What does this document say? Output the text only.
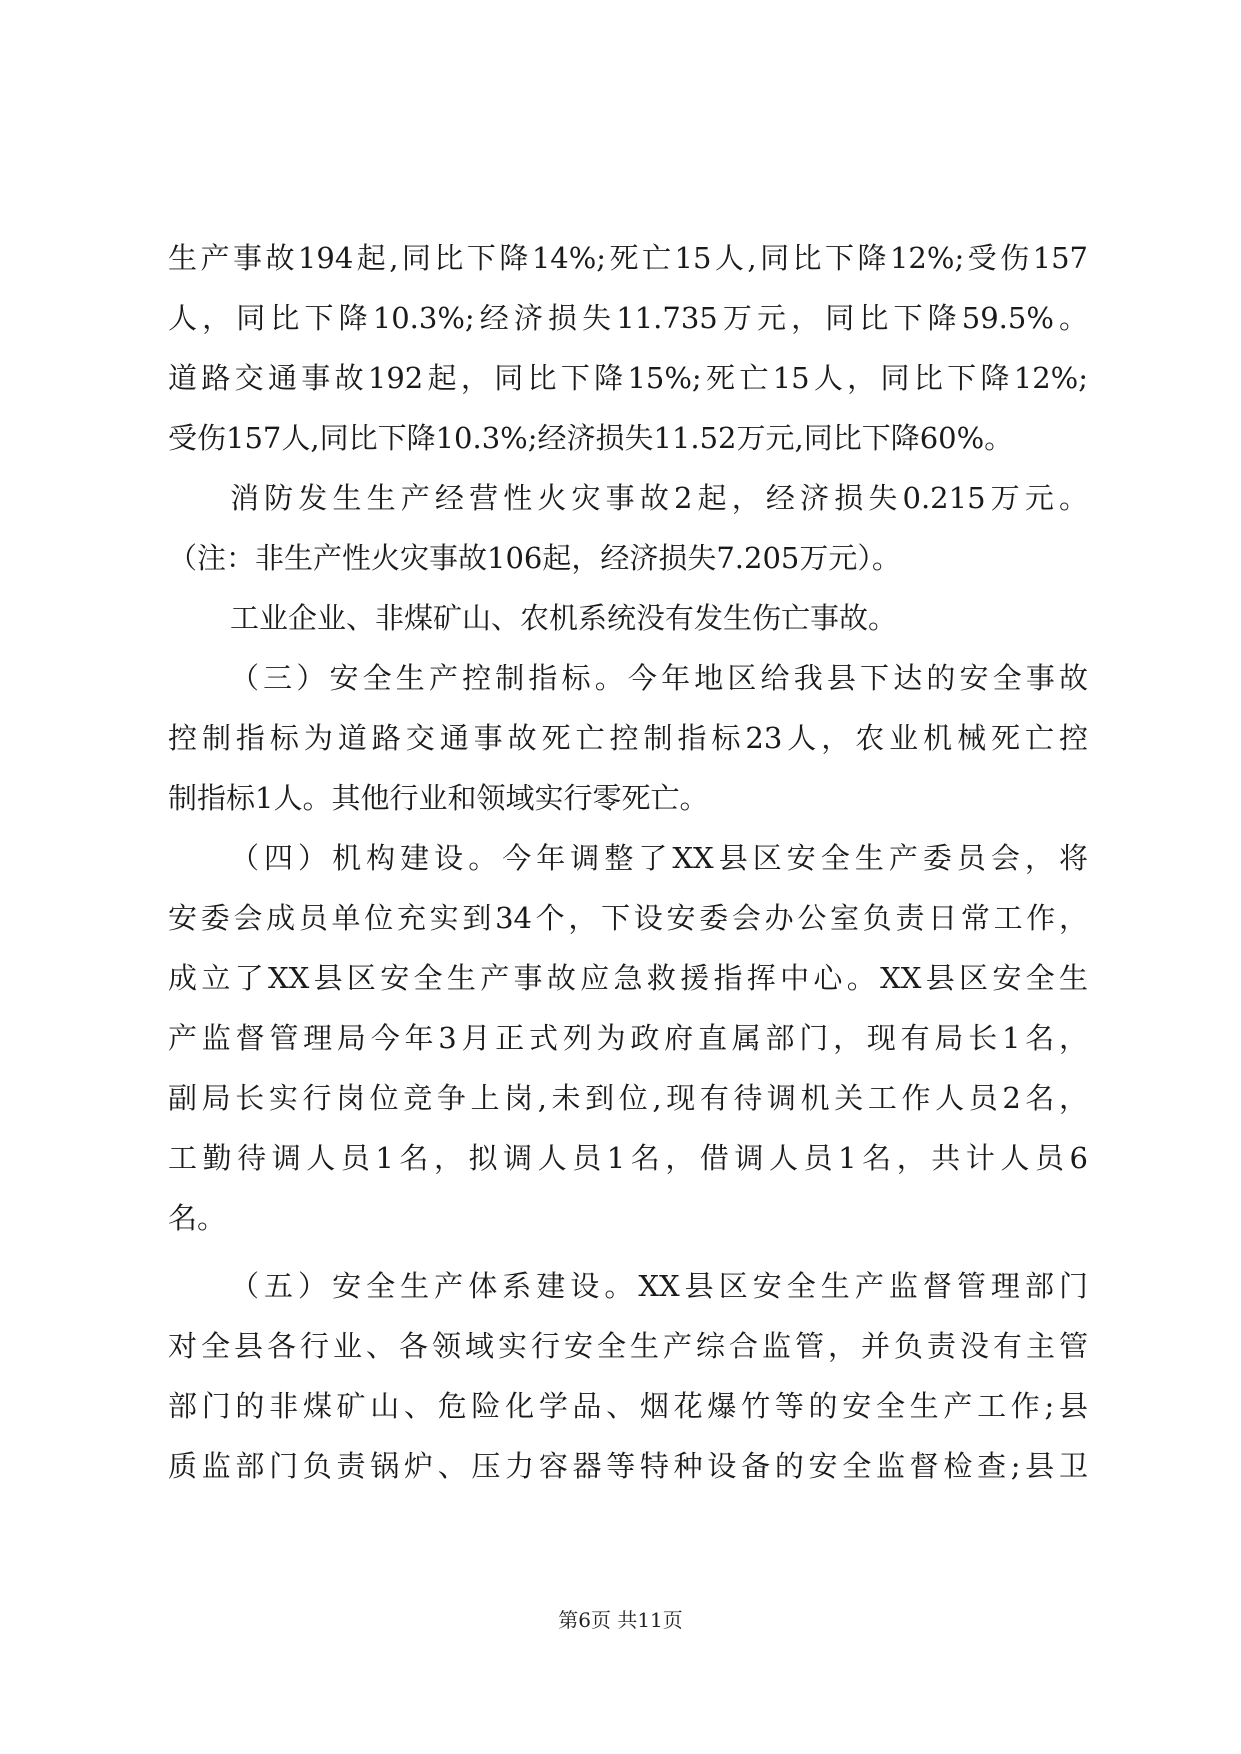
生产事故194起,同比下降14%;死亡15人,同比下降12%;受伤157
人，同比下降10.3%;经济损失11.735万元，同比下降59.5%。
道路交通事故192起，同比下降15%;死亡15人，同比下降12%;
受伤157人,同比下降10.3%;经济损失11.52万元,同比下降60%。
消防发生生产经营性火灾事故2起，经济损失0.215万元。
（注：非生产性火灾事故106起，经济损失7.205万元）。
工业企业、非煤矿山、农机系统没有发生伤亡事故。
（三）安全生产控制指标。今年地区给我县下达的安全事故
控制指标为道路交通事故死亡控制指标23人，农业机械死亡控
制指标1人。其他行业和领域实行零死亡。
（四）机构建设。今年调整了XX县区安全生产委员会，将
安委会成员单位充实到34个，下设安委会办公室负责日常工作，
成立了XX县区安全生产事故应急救援指挥中心。XX县区安全生
产监督管理局今年3月正式列为政府直属部门，现有局长1名，
副局长实行岗位竞争上岗,未到位,现有待调机关工作人员2名，
工勤待调人员1名，拟调人员1名，借调人员1名，共计人员6
名。
（五）安全生产体系建设。XX县区安全生产监督管理部门
对全县各行业、各领域实行安全生产综合监管，并负责没有主管
部门的非煤矿山、危险化学品、烟花爆竹等的安全生产工作;县
质监部门负责锅炉、压力容器等特种设备的安全监督检查;县卫
第6页 共11页
